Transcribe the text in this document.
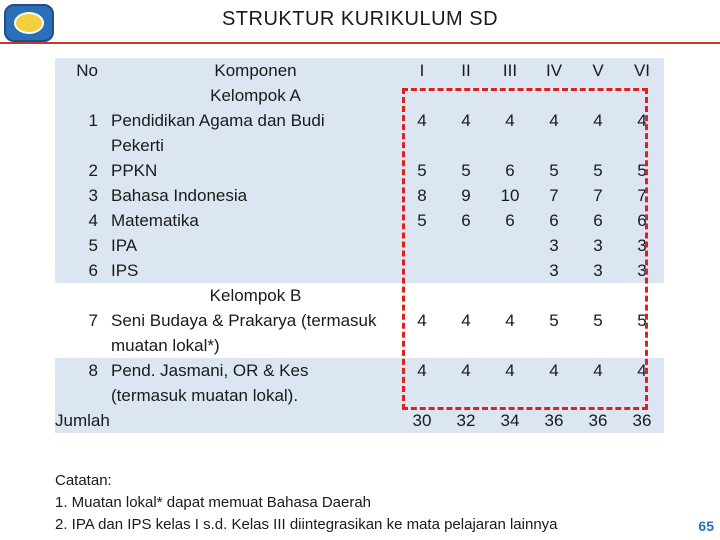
STRUKTUR KURIKULUM SD
No	Komponen	I	II	III	IV	V	VI
	Kelompok A						
1	Pendidikan Agama dan Budi
Pekerti	4	4	4	4	4	4
2	PPKN	5	5	6	5	5	5
3	Bahasa Indonesia	8	9	10	7	7	7
4	Matematika	5	6	6	6	6	6
5	IPA				3	3	3
6	IPS				3	3	3
	Kelompok B						
7	Seni Budaya & Prakarya (termasuk
muatan lokal*)	4	4	4	5	5	5
8	Pend. Jasmani, OR & Kes
(termasuk muatan lokal).	4	4	4	4	4	4
Jumlah		30	32	34	36	36	36
Catatan:
1. Muatan lokal* dapat memuat Bahasa Daerah
2. IPA dan IPS kelas I s.d. Kelas III diintegrasikan ke mata pelajaran lainnya	65
